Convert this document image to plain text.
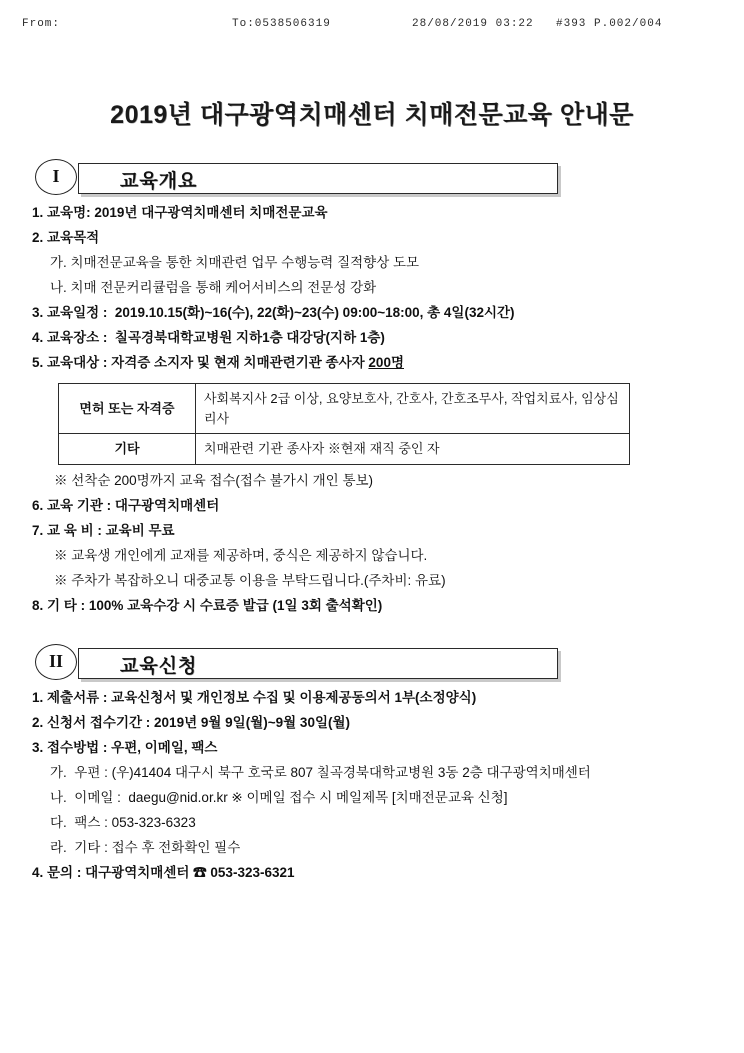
From:	To:0538506319	28/08/2019 03:22 #393 P.002/004
2019년 대구광역치매센터 치매전문교육 안내문
I	교육개요
1. 교육명: 2019년 대구광역치매센터 치매전문교육
2. 교육목적
가. 치매전문교육을 통한 치매관련 업무 수행능력 질적향상 도모
나. 치매 전문커리큘럼을 통해 케어서비스의 전문성 강화
3. 교육일정 :  2019.10.15(화)~16(수), 22(화)~23(수) 09:00~18:00, 총 4일(32시간)
4. 교육장소 :  칠곡경북대학교병원 지하1층 대강당(지하 1층)
5. 교육대상 : 자격증 소지자 및 현재 치매관련기관 종사자 200명
면허 또는 자격증	사회복지사 2급 이상, 요양보호사, 간호사, 간호조무사, 작업치료사, 임상심리사
기타	치매관련 기관 종사자 ※현재 재직 중인 자
※ 선착순 200명까지 교육 접수(접수 불가시 개인 통보)
6. 교육 기관 : 대구광역치매센터
7. 교 육 비 : 교육비 무료
※ 교육생 개인에게 교재를 제공하며, 중식은 제공하지 않습니다.
※ 주차가 복잡하오니 대중교통 이용을 부탁드립니다.(주차비: 유료)
8. 기 타 : 100% 교육수강 시 수료증 발급 (1일 3회 출석확인)
II	교육신청
1. 제출서류 : 교육신청서 및 개인정보 수집 및 이용제공동의서 1부(소정양식)
2. 신청서 접수기간 : 2019년 9월 9일(월)~9월 30일(월)
3. 접수방법 : 우편, 이메일, 팩스
가.  우편 : (우)41404 대구시 북구 호국로 807 칠곡경북대학교병원 3동 2층 대구광역치매센터
나.  이메일 :  daegu@nid.or.kr ※ 이메일 접수 시 메일제목 [치매전문교육 신청]
다.  팩스 : 053-323-6323
라.  기타 : 접수 후 전화확인 필수
4. 문의 : 대구광역치매센터 ☎ 053-323-6321
